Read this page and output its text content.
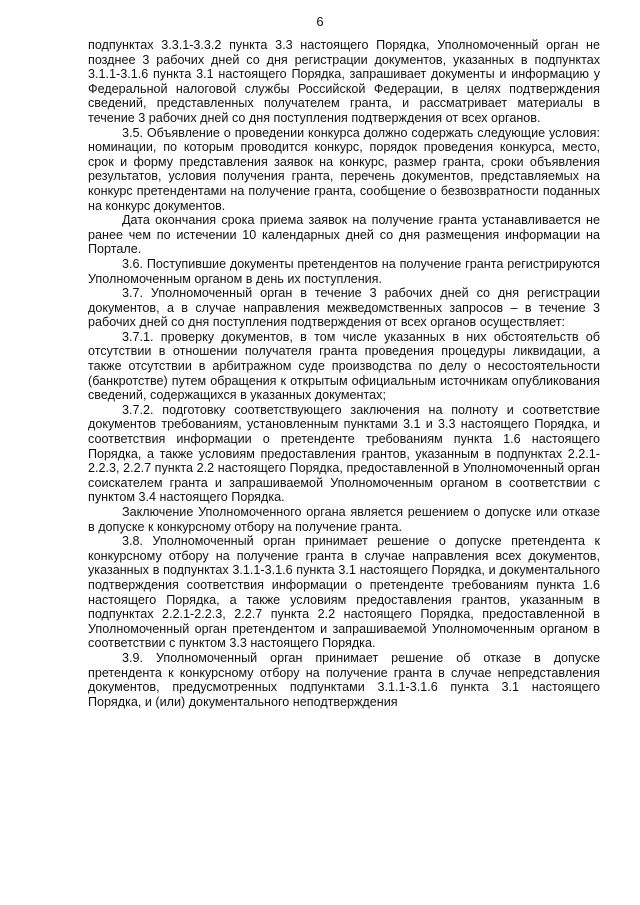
6

подпунктах 3.3.1-3.3.2 пункта 3.3 настоящего Порядка, Уполномоченный орган не позднее 3 рабочих дней со дня регистрации документов, указанных в подпунктах 3.1.1-3.1.6 пункта 3.1 настоящего Порядка, запрашивает документы и информацию у Федеральной налоговой службы Российской Федерации, в целях подтверждения сведений, представленных получателем гранта, и рассматривает материалы в течение 3 рабочих дней со дня поступления подтверждения от всех органов.

3.5. Объявление о проведении конкурса должно содержать следующие условия: номинации, по которым проводится конкурс, порядок проведения конкурса, место, срок и форму представления заявок на конкурс, размер гранта, сроки объявления результатов, условия получения гранта, перечень документов, представляемых на конкурс претендентами на получение гранта, сообщение о безвозвратности поданных на конкурс документов.

Дата окончания срока приема заявок на получение гранта устанавливается не ранее чем по истечении 10 календарных дней со дня размещения информации на Портале.

3.6. Поступившие документы претендентов на получение гранта регистрируются Уполномоченным органом в день их поступления.

3.7. Уполномоченный орган в течение 3 рабочих дней со дня регистрации документов, а в случае направления межведомственных запросов – в течение 3 рабочих дней со дня поступления подтверждения от всех органов осуществляет:

3.7.1. проверку документов, в том числе указанных в них обстоятельств об отсутствии в отношении получателя гранта проведения процедуры ликвидации, а также отсутствии в арбитражном суде производства по делу о несостоятельности (банкротстве) путем обращения к открытым официальным источникам опубликования сведений, содержащихся в указанных документах;

3.7.2. подготовку соответствующего заключения на полноту и соответствие документов требованиям, установленным пунктами 3.1 и 3.3 настоящего Порядка, и соответствия информации о претенденте требованиям пункта 1.6 настоящего Порядка, а также условиям предоставления грантов, указанным в подпунктах 2.2.1-2.2.3, 2.2.7 пункта 2.2 настоящего Порядка, предоставленной в Уполномоченный орган соискателем гранта и запрашиваемой Уполномоченным органом в соответствии с пунктом 3.4 настоящего Порядка.

Заключение Уполномоченного органа является решением о допуске или отказе в допуске к конкурсному отбору на получение гранта.

3.8. Уполномоченный орган принимает решение о допуске претендента к конкурсному отбору на получение гранта в случае направления всех документов, указанных в подпунктах 3.1.1-3.1.6 пункта 3.1 настоящего Порядка, и документального подтверждения соответствия информации о претенденте требованиям пункта 1.6 настоящего Порядка, а также условиям предоставления грантов, указанным в подпунктах 2.2.1-2.2.3, 2.2.7 пункта 2.2 настоящего Порядка, предоставленной в Уполномоченный орган претендентом и запрашиваемой Уполномоченным органом в соответствии с пунктом 3.3 настоящего Порядка.

3.9. Уполномоченный орган принимает решение об отказе в допуске претендента к конкурсному отбору на получение гранта в случае непредставления документов, предусмотренных подпунктами 3.1.1-3.1.6 пункта 3.1 настоящего Порядка, и (или) документального неподтверждения
